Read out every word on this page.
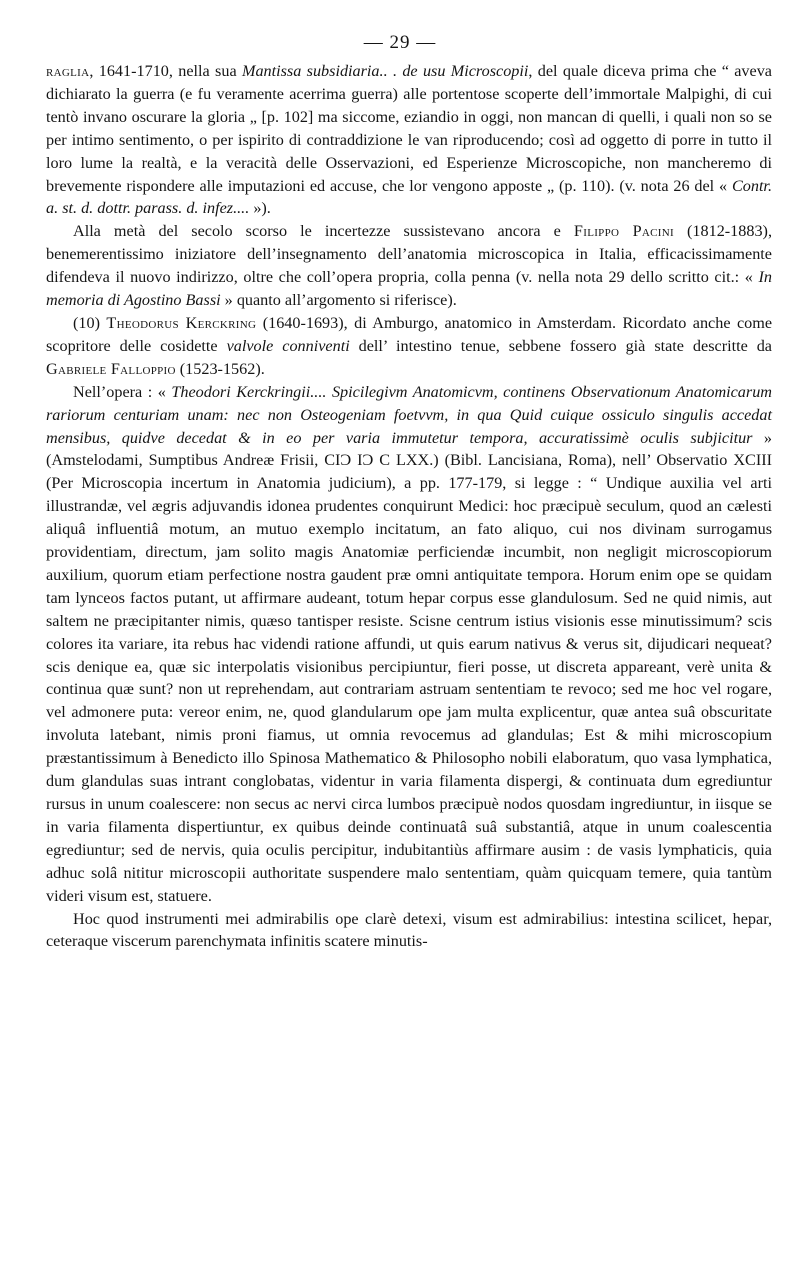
— 29 —

raglia, 1641-1710, nella sua Mantissa subsidiaria.. . de usu Microscopii, del quale diceva prima che “ aveva dichiarato la guerra (e fu veramente acerrima guerra) alle portentose scoperte dell’immortale Malpighi, di cui tentò invano oscurare la gloria „ [p. 102] ma siccome, eziandio in oggi, non mancan di quelli, i quali non so se per intimo sentimento, o per ispirito di contraddizione le van riproducendo; così ad oggetto di porre in tutto il loro lume la realtà, e la veracità delle Osservazioni, ed Esperienze Microscopiche, non mancheremo di brevemente rispondere alle imputazioni ed accuse, che lor vengono apposte „ (p. 110). (v. nota 26 del « Contr. a. st. d. dottr. parass. d. infez.... »).

Alla metà del secolo scorso le incertezze sussistevano ancora e Filippo Pacini (1812-1883), benemerentissimo iniziatore dell’insegnamento dell’anatomia microscopica in Italia, efficacissimamente difendeva il nuovo indirizzo, oltre che coll’opera propria, colla penna (v. nella nota 29 dello scritto cit.: « In memoria di Agostino Bassi » quanto all’argomento si riferisce).

(10) Theodorus Kerckring (1640-1693), di Amburgo, anatomico in Amsterdam. Ricordato anche come scopritore delle cosidette valvole conniventi dell’ intestino tenue, sebbene fossero già state descritte da Gabriele Falloppio (1523-1562).

Nell’opera : « Theodori Kerckringii.... Spicilegivm Anatomicvm, continens Observationum Anatomicarum rariorum centuriam unam: nec non Osteogeniam foetvvm, in qua Quid cuique ossiculo singulis accedat mensibus, quidve decedat & in eo per varia immutetur tempora, accuratissimè oculis subjicitur » (Amstelodami, Sumptibus Andreæ Frisii, CIϽ IϽ C LXX.) (Bibl. Lancisiana, Roma), nell’ Observatio XCIII (Per Microscopia incertum in Anatomia judicium), a pp. 177-179, si legge : “ Undique auxilia vel arti illustrandæ, vel ægris adjuvandis idonea prudentes conquirunt Medici: hoc præcipuè seculum, quod an cælesti aliquâ influentiâ motum, an mutuo exemplo incitatum, an fato aliquo, cui nos divinam surrogamus providentiam, directum, jam solito magis Anatomiæ perficiendæ incumbit, non negligit microscopiorum auxilium, quorum etiam perfectione nostra gaudent præ omni antiquitate tempora. Horum enim ope se quidam tam lynceos factos putant, ut affirmare audeant, totum hepar corpus esse glandulosum. Sed ne quid nimis, aut saltem ne præcipitanter nimis, quæso tantisper resiste. Scisne centrum istius visionis esse minutissimum? scis colores ita variare, ita rebus hac videndi ratione affundi, ut quis earum nativus & verus sit, dijudicari nequeat? scis denique ea, quæ sic interpolatis visionibus percipiuntur, fieri posse, ut discreta appareant, verè unita & continua quæ sunt? non ut reprehendam, aut contrariam astruam sententiam te revoco; sed me hoc vel rogare, vel admonere puta: vereor enim, ne, quod glandularum ope jam multa explicentur, quæ antea suâ obscuritate involuta latebant, nimis proni fiamus, ut omnia revocemus ad glandulas; Est & mihi microscopium præstantissimum à Benedicto illo Spinosa Mathematico & Philosopho nobili elaboratum, quo vasa lymphatica, dum glandulas suas intrant conglobatas, videntur in varia filamenta dispergi, & continuata dum egrediuntur rursus in unum coalescere: non secus ac nervi circa lumbos præcipuè nodos quosdam ingrediuntur, in iisque se in varia filamenta dispertiuntur, ex quibus deinde continuatâ suâ substantiâ, atque in unum coalescentia egrediuntur; sed de nervis, quia oculis percipitur, indubitantiùs affirmare ausim : de vasis lymphaticis, quia adhuc solâ nititur microscopii authoritate suspendere malo sententiam, quàm quicquam temere, quia tantùm videri visum est, statuere.

Hoc quod instrumenti mei admirabilis ope clarè detexi, visum est admirabilius: intestina scilicet, hepar, ceteraque viscerum parenchymata infinitis scatere minutis-
